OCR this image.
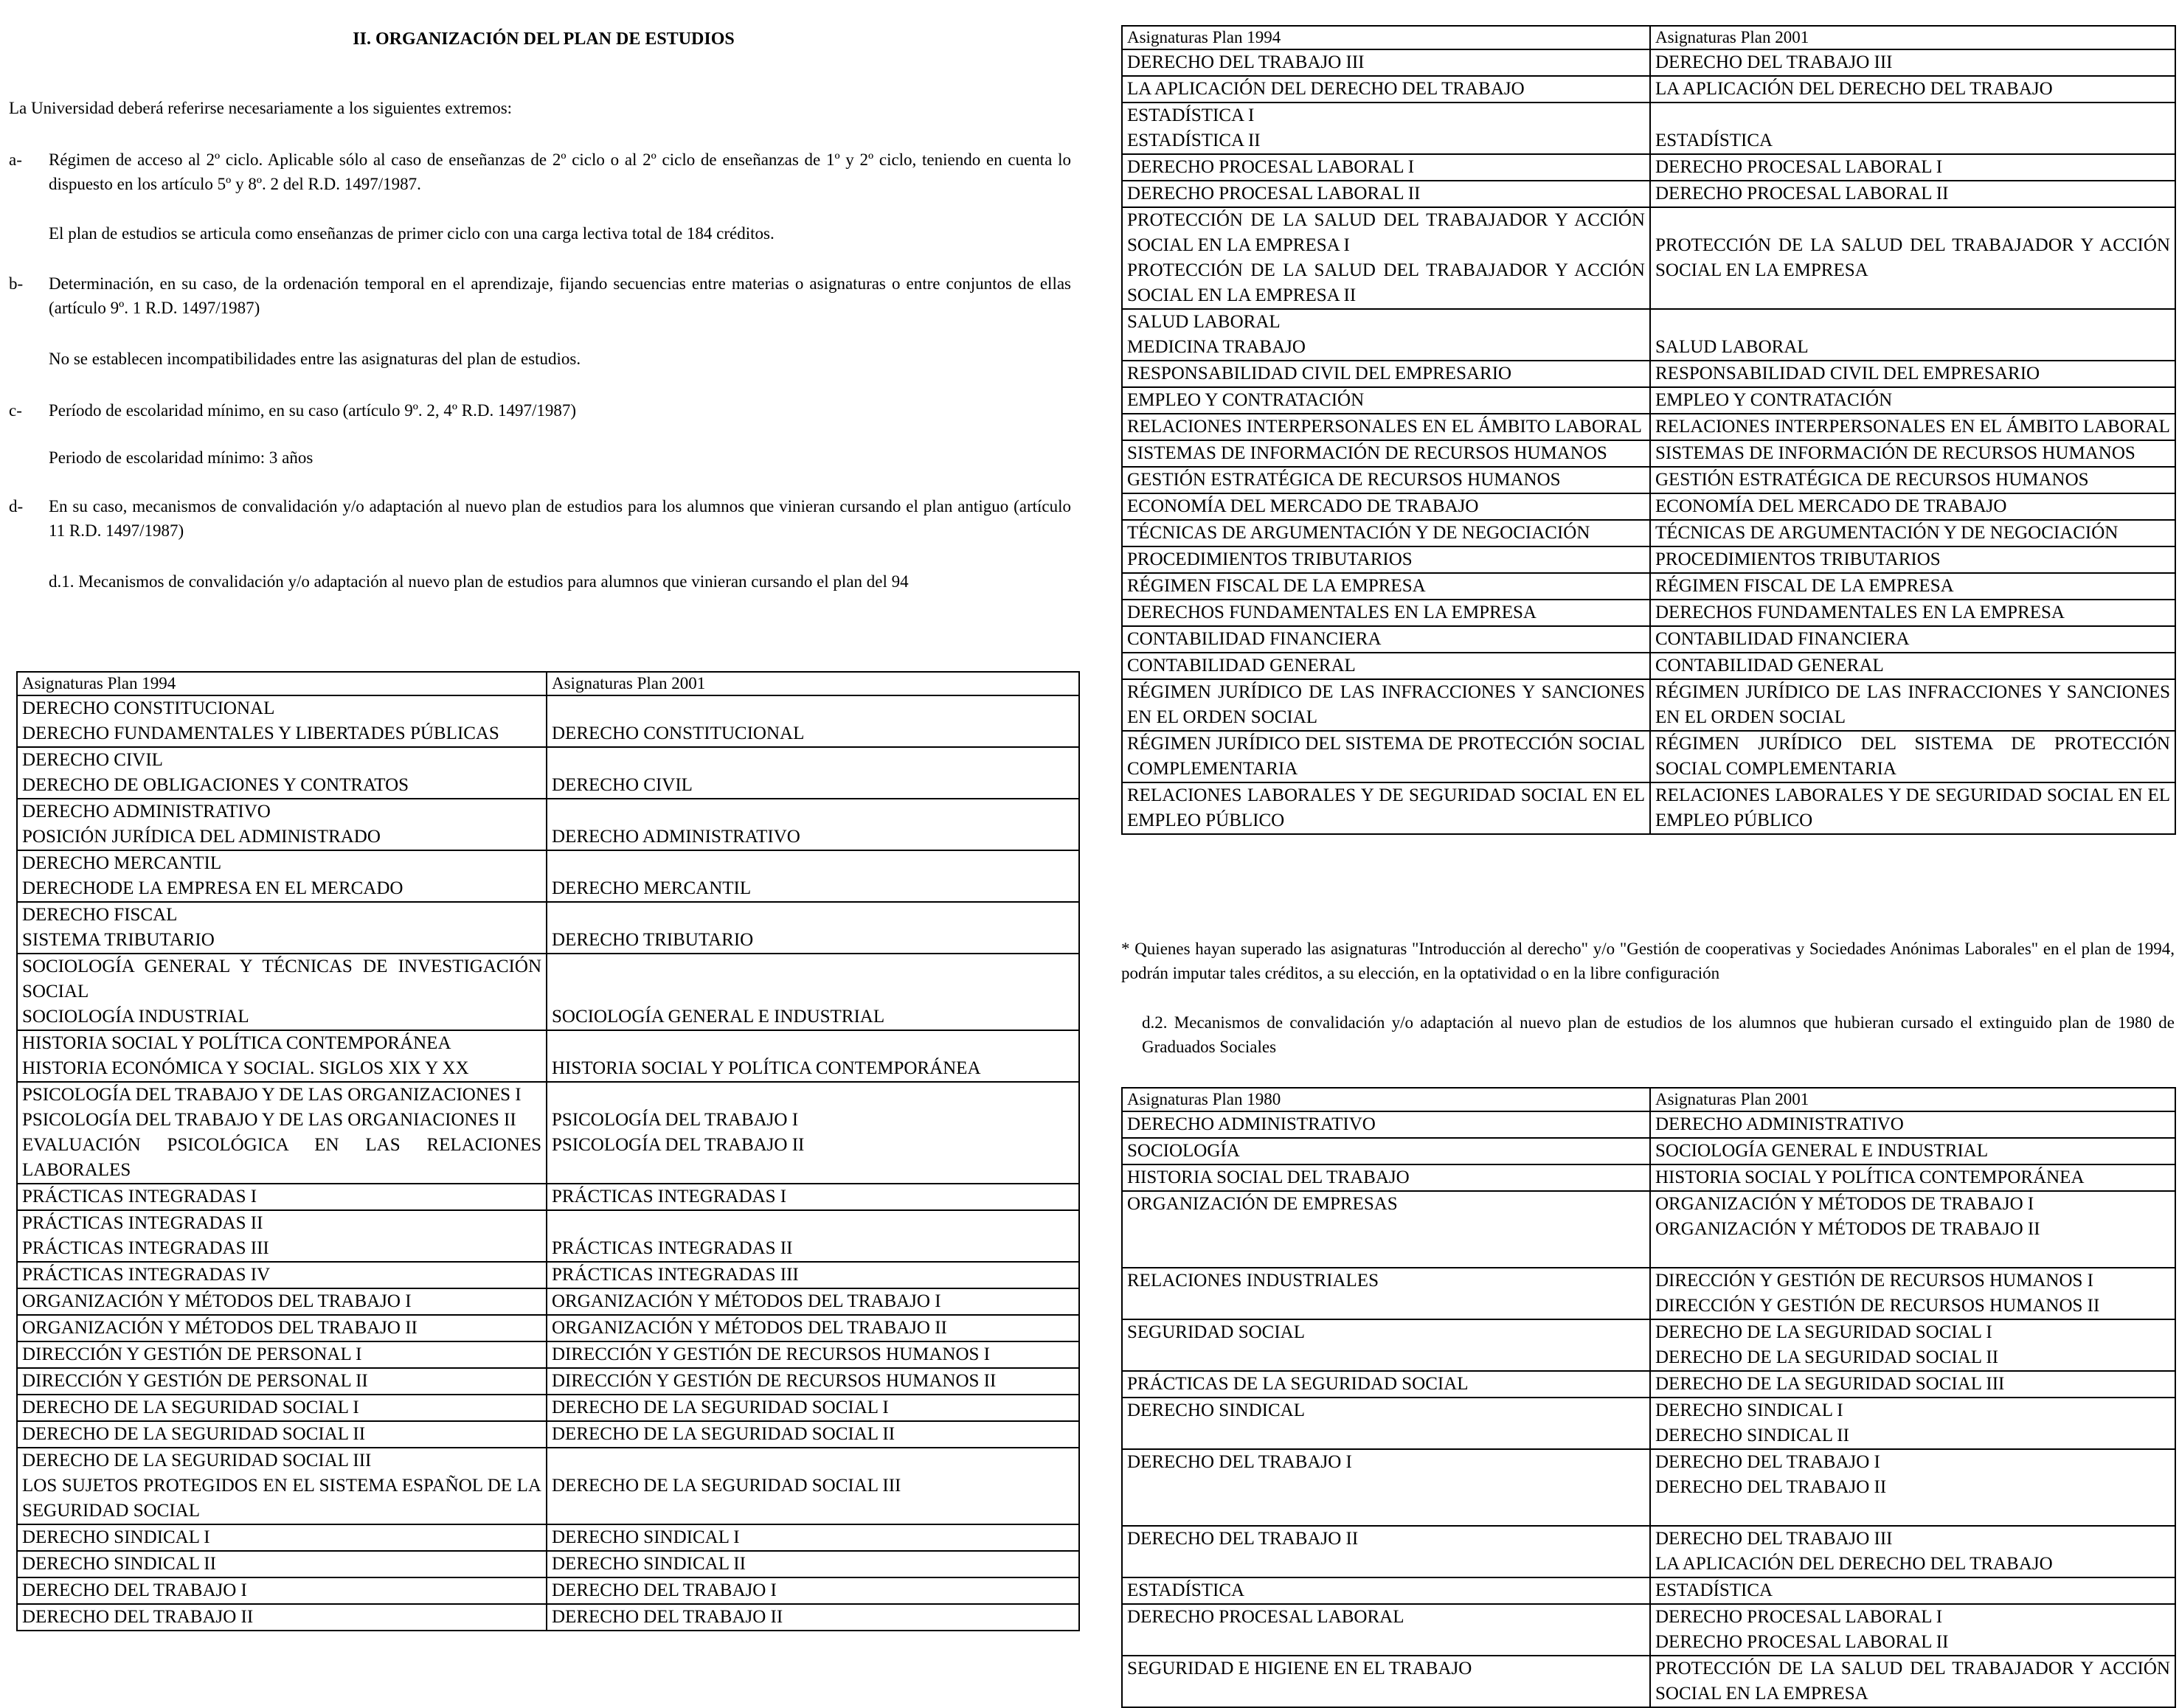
II. ORGANIZACIÓN DEL PLAN DE ESTUDIOS
La Universidad deberá referirse necesariamente a los siguientes extremos:
a- Régimen de acceso al 2º ciclo. Aplicable sólo al caso de enseñanzas de 2º ciclo o al 2º ciclo de enseñanzas de 1º y 2º ciclo, teniendo en cuenta lo dispuesto en los artículo 5º y 8º. 2 del R.D. 1497/1987.
El plan de estudios se articula como enseñanzas de primer ciclo con una carga lectiva total de 184 créditos.
b- Determinación, en su caso, de la ordenación temporal en el aprendizaje, fijando secuencias entre materias o asignaturas o entre conjuntos de ellas (artículo 9º. 1 R.D. 1497/1987)
No se establecen incompatibilidades entre las asignaturas del plan de estudios.
c- Período de escolaridad mínimo, en su caso (artículo 9º. 2, 4º R.D. 1497/1987)
Periodo de escolaridad mínimo: 3 años
d- En su caso, mecanismos de convalidación y/o adaptación al nuevo plan de estudios para los alumnos que vinieran cursando el plan antiguo (artículo 11 R.D. 1497/1987)
d.1. Mecanismos de convalidación y/o adaptación al nuevo plan de estudios para alumnos que vinieran cursando el plan del 94
Asignaturas Plan 1994	Asignaturas Plan 2001

DERECHO CONSTITUCIONAL
DERECHO FUNDAMENTALES Y LIBERTADES PÚBLICAS	DERECHO CONSTITUCIONAL

DERECHO CIVIL
DERECHO DE OBLIGACIONES Y CONTRATOS	DERECHO CIVIL

DERECHO ADMINISTRATIVO
POSICIÓN JURÍDICA DEL ADMINISTRADO	DERECHO ADMINISTRATIVO

DERECHO MERCANTIL
DERECHODE LA EMPRESA EN EL MERCADO	DERECHO MERCANTIL

DERECHO FISCAL
SISTEMA TRIBUTARIO	DERECHO TRIBUTARIO

SOCIOLOGÍA GENERAL Y TÉCNICAS DE INVESTIGACIÓN SOCIAL
SOCIOLOGÍA INDUSTRIAL	SOCIOLOGÍA GENERAL E INDUSTRIAL

HISTORIA SOCIAL Y POLÍTICA CONTEMPORÁNEA
HISTORIA ECONÓMICA Y SOCIAL. SIGLOS XIX Y XX	HISTORIA SOCIAL Y POLÍTICA CONTEMPORÁNEA

PSICOLOGÍA DEL TRABAJO Y DE LAS ORGANIZACIONES I
PSICOLOGÍA DEL TRABAJO Y DE LAS ORGANIACIONES II
EVALUACIÓN PSICOLÓGICA EN LAS RELACIONES LABORALES	PSICOLOGÍA DEL TRABAJO I
PSICOLOGÍA DEL TRABAJO II

PRÁCTICAS INTEGRADAS I	PRÁCTICAS INTEGRADAS I

PRÁCTICAS INTEGRADAS II
PRÁCTICAS INTEGRADAS III	PRÁCTICAS INTEGRADAS II

PRÁCTICAS INTEGRADAS IV	PRÁCTICAS INTEGRADAS III

ORGANIZACIÓN Y MÉTODOS DEL TRABAJO I	ORGANIZACIÓN Y MÉTODOS DEL TRABAJO I

ORGANIZACIÓN Y MÉTODOS DEL TRABAJO II	ORGANIZACIÓN Y MÉTODOS DEL TRABAJO II

DIRECCIÓN Y GESTIÓN DE PERSONAL I	DIRECCIÓN Y GESTIÓN DE RECURSOS HUMANOS I

DIRECCIÓN Y GESTIÓN DE PERSONAL II	DIRECCIÓN Y GESTIÓN DE RECURSOS HUMANOS II

DERECHO DE LA SEGURIDAD SOCIAL I	DERECHO DE LA SEGURIDAD SOCIAL I

DERECHO DE LA SEGURIDAD SOCIAL II	DERECHO DE LA SEGURIDAD SOCIAL II

DERECHO DE LA SEGURIDAD SOCIAL III
LOS SUJETOS PROTEGIDOS EN EL SISTEMA ESPAÑOL DE LA SEGURIDAD SOCIAL	DERECHO DE LA SEGURIDAD SOCIAL III

DERECHO SINDICAL I	DERECHO SINDICAL I

DERECHO SINDICAL II	DERECHO SINDICAL II

DERECHO DEL TRABAJO I	DERECHO DEL TRABAJO I

DERECHO DEL TRABAJO II	DERECHO DEL TRABAJO II
Asignaturas Plan 1994	Asignaturas Plan 2001

DERECHO DEL TRABAJO III	DERECHO DEL TRABAJO III

LA APLICACIÓN DEL DERECHO DEL TRABAJO	LA APLICACIÓN DEL DERECHO DEL TRABAJO

ESTADÍSTICA I
ESTADÍSTICA II	ESTADÍSTICA

DERECHO PROCESAL LABORAL I	DERECHO PROCESAL LABORAL I

DERECHO PROCESAL LABORAL II	DERECHO PROCESAL LABORAL II

PROTECCIÓN DE LA SALUD DEL TRABAJADOR Y ACCIÓN SOCIAL EN LA EMPRESA I
PROTECCIÓN DE LA SALUD DEL TRABAJADOR Y ACCIÓN SOCIAL EN LA EMPRESA II	PROTECCIÓN DE LA SALUD DEL TRABAJADOR Y ACCIÓN SOCIAL EN LA EMPRESA

SALUD LABORAL
MEDICINA TRABAJO	SALUD LABORAL

RESPONSABILIDAD CIVIL DEL EMPRESARIO	RESPONSABILIDAD CIVIL DEL EMPRESARIO

EMPLEO Y CONTRATACIÓN	EMPLEO Y CONTRATACIÓN

RELACIONES INTERPERSONALES EN EL ÁMBITO LABORAL	RELACIONES INTERPERSONALES EN EL ÁMBITO LABORAL

SISTEMAS DE INFORMACIÓN DE RECURSOS HUMANOS	SISTEMAS DE INFORMACIÓN DE RECURSOS HUMANOS

GESTIÓN ESTRATÉGICA DE RECURSOS HUMANOS	GESTIÓN ESTRATÉGICA DE RECURSOS HUMANOS

ECONOMÍA DEL MERCADO DE TRABAJO	ECONOMÍA DEL MERCADO DE TRABAJO

TÉCNICAS DE ARGUMENTACIÓN Y DE NEGOCIACIÓN	TÉCNICAS DE ARGUMENTACIÓN Y DE NEGOCIACIÓN

PROCEDIMIENTOS TRIBUTARIOS	PROCEDIMIENTOS TRIBUTARIOS

RÉGIMEN FISCAL DE LA EMPRESA	RÉGIMEN FISCAL DE LA EMPRESA

DERECHOS FUNDAMENTALES EN LA EMPRESA	DERECHOS FUNDAMENTALES EN LA EMPRESA

CONTABILIDAD FINANCIERA	CONTABILIDAD FINANCIERA

CONTABILIDAD GENERAL	CONTABILIDAD GENERAL

RÉGIMEN JURÍDICO DE LAS INFRACCIONES Y SANCIONES EN EL ORDEN SOCIAL	RÉGIMEN JURÍDICO DE LAS INFRACCIONES Y SANCIONES EN EL ORDEN SOCIAL

RÉGIMEN JURÍDICO DEL SISTEMA DE PROTECCIÓN SOCIAL COMPLEMENTARIA	RÉGIMEN JURÍDICO DEL SISTEMA DE PROTECCIÓN SOCIAL COMPLEMENTARIA

RELACIONES LABORALES Y DE SEGURIDAD SOCIAL EN EL EMPLEO PÚBLICO	RELACIONES LABORALES Y DE SEGURIDAD SOCIAL EN EL EMPLEO PÚBLICO
* Quienes hayan superado las asignaturas "Introducción al derecho" y/o "Gestión de cooperativas y Sociedades Anónimas Laborales" en el plan de 1994, podrán imputar tales créditos, a su elección, en la optatividad o en la libre configuración
d.2. Mecanismos de convalidación y/o adaptación al nuevo plan de estudios de los alumnos que hubieran cursado el extinguido plan de 1980 de Graduados Sociales
Asignaturas Plan 1980	Asignaturas Plan 2001

DERECHO ADMINISTRATIVO	DERECHO ADMINISTRATIVO

SOCIOLOGÍA	SOCIOLOGÍA GENERAL E INDUSTRIAL

HISTORIA SOCIAL DEL TRABAJO	HISTORIA SOCIAL Y POLÍTICA CONTEMPORÁNEA

ORGANIZACIÓN DE EMPRESAS	ORGANIZACIÓN Y MÉTODOS DE TRABAJO I
ORGANIZACIÓN Y MÉTODOS DE TRABAJO II

RELACIONES INDUSTRIALES	DIRECCIÓN Y GESTIÓN DE RECURSOS HUMANOS I
DIRECCIÓN Y GESTIÓN DE RECURSOS HUMANOS II

SEGURIDAD SOCIAL	DERECHO DE LA SEGURIDAD SOCIAL I
DERECHO DE LA SEGURIDAD SOCIAL II

PRÁCTICAS DE LA SEGURIDAD SOCIAL	DERECHO DE LA SEGURIDAD SOCIAL III

DERECHO SINDICAL	DERECHO SINDICAL I
DERECHO SINDICAL II

DERECHO DEL TRABAJO I	DERECHO DEL TRABAJO I
DERECHO DEL TRABAJO II

DERECHO DEL TRABAJO II	DERECHO DEL TRABAJO III
LA APLICACIÓN DEL DERECHO DEL TRABAJO

ESTADÍSTICA	ESTADÍSTICA

DERECHO PROCESAL LABORAL	DERECHO PROCESAL LABORAL I
DERECHO PROCESAL LABORAL II

SEGURIDAD E HIGIENE EN EL TRABAJO	PROTECCIÓN DE LA SALUD DEL TRABAJADOR Y ACCIÓN SOCIAL EN LA EMPRESA
